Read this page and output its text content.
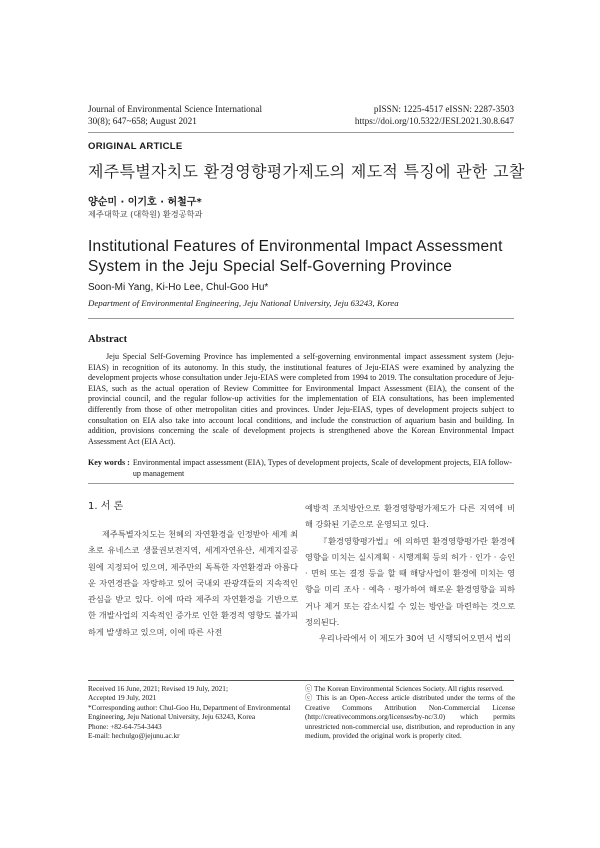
Journal of Environmental Science International
30(8); 647~658; August 2021
pISSN: 1225-4517 eISSN: 2287-3503
https://doi.org/10.5322/JESI.2021.30.8.647
ORIGINAL ARTICLE
제주특별자치도 환경영향평가제도의 제도적 특징에 관한 고찰
양순미 · 이기호 · 허철구*
제주대학교 (대학원) 환경공학과
Institutional Features of Environmental Impact Assessment System in the Jeju Special Self-Governing Province
Soon-Mi Yang, Ki-Ho Lee, Chul-Goo Hu*
Department of Environmental Engineering, Jeju National University, Jeju 63243, Korea
Abstract
Jeju Special Self-Governing Province has implemented a self-governing environmental impact assessment system (Jeju-EIAS) in recognition of its autonomy. In this study, the institutional features of Jeju-EIAS were examined by analyzing the development projects whose consultation under Jeju-EIAS were completed from 1994 to 2019. The consultation procedure of Jeju-EIAS, such as the actual operation of Review Committee for Environmental Impact Assessment (EIA), the consent of the provincial council, and the regular follow-up activities for the implementation of EIA consultations, has been implemented differently from those of other metropolitan cities and provinces. Under Jeju-EIAS, types of development projects subject to consultation on EIA also take into account local conditions, and include the construction of aquarium basin and building. In addition, provisions concerning the scale of development projects is strengthened above the Korean Environmental Impact Assessment Act (EIA Act).
Key words : Environmental impact assessment (EIA), Types of development projects, Scale of development projects, EIA follow-up management
1. 서 론

제주특별자치도는 천혜의 자연환경을 인정받아 세계 최초로 유네스코 생물권보전지역, 세계자연유산, 세계지질공원에 지정되어 있으며, 제주만의 독특한 자연환경과 아름다운 자연경관을 자랑하고 있어 국내외 관광객들의 지속적인 관심을 받고 있다. 이에 따라 제주의 자연환경을 기반으로 한 개발사업의 지속적인 증가로 인한 환경적 영향도 불가피하게 발생하고 있으며, 이에 따른 사전

예방적 조치방안으로 환경영향평가제도가 다른 지역에 비해 강화된 기준으로 운영되고 있다.

『환경영향평가법』에 의하면 환경영향평가란 환경에 영향을 미치는 실시계획 · 시행계획 등의 허가 · 인가 · 승인 · 면허 또는 결정 등을 할 때 해당사업이 환경에 미치는 영향을 미리 조사 · 예측 · 평가하여 해로운 환경영향을 피하거나 제거 또는 감소시킬 수 있는 방안을 마련하는 것으로 정의된다.

우리나라에서 이 제도가 30여 년 시행되어오면서 법의

Received 16 June, 2021; Revised 19 July, 2021;
Accepted 19 July, 2021
*Corresponding author: Chul-Goo Hu, Department of Environmental Engineering, Jeju National University, Jeju 63243, Korea
Phone: +82-64-754-3443
E-mail: hechulgo@jejunu.ac.kr
ⓒ The Korean Environmental Sciences Society. All rights reserved.
ⓒ This is an Open-Access article distributed under the terms of the Creative Commons Attribution Non-Commercial License (http://creativecommons.org/licenses/by-nc/3.0) which permits unrestricted non-commercial use, distribution, and reproduction in any medium, provided the original work is properly cited.
